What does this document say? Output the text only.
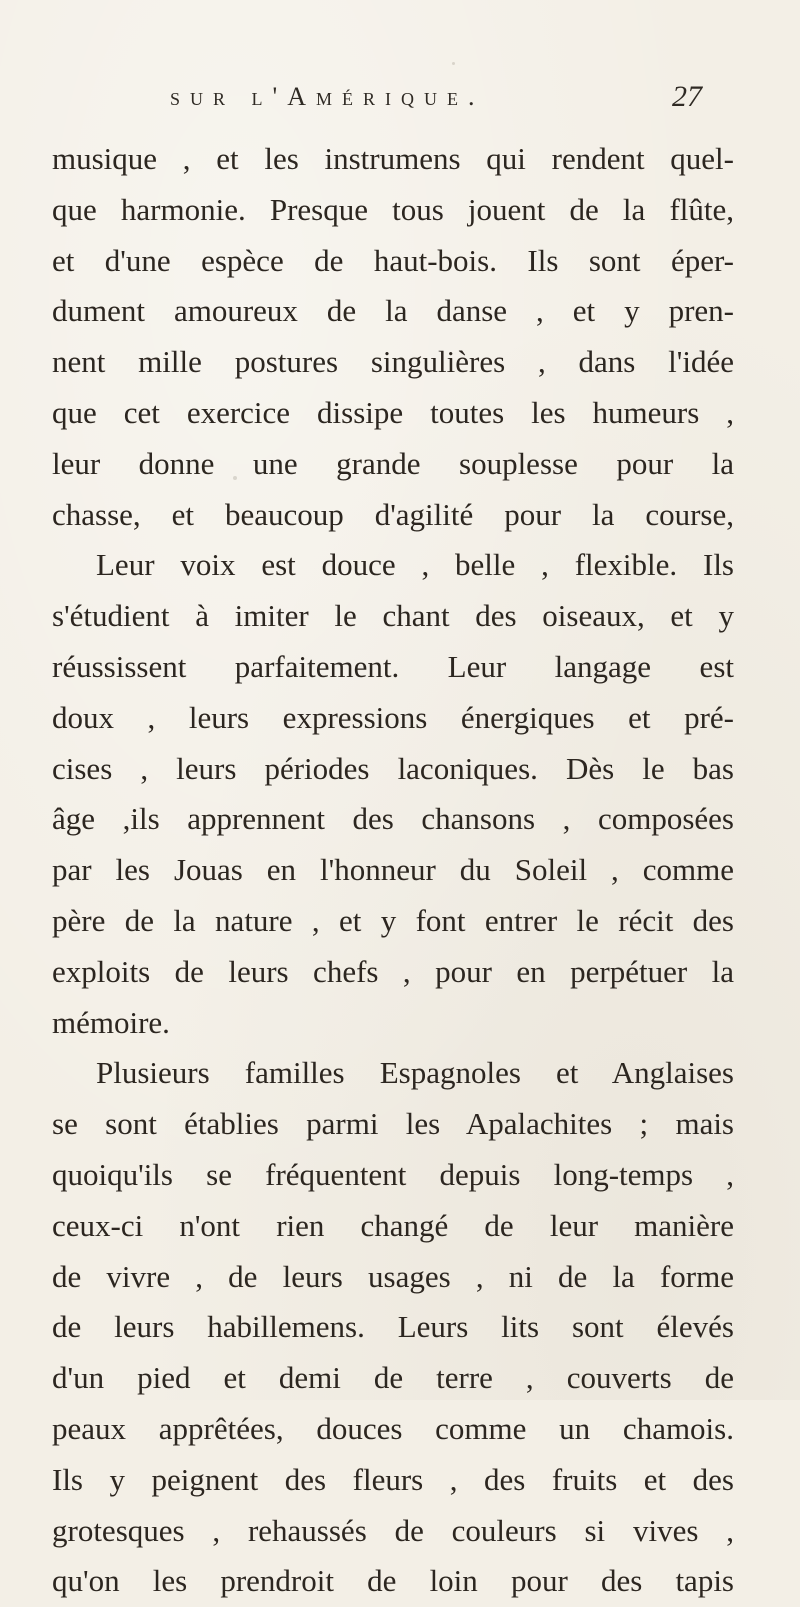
sur l'Amérique.	27
musique , et les instrumens qui rendent quel-
que harmonie. Presque tous jouent de la flûte,
et d'une espèce de haut-bois. Ils sont éper-
dument amoureux de la danse , et y pren-
nent mille postures singulières , dans l'idée
que cet exercice dissipe toutes les humeurs ,
leur donne une grande souplesse pour la
chasse, et beaucoup d'agilité pour la course,
Leur voix est douce , belle , flexible. Ils
s'étudient à imiter le chant des oiseaux, et y
réussissent parfaitement. Leur langage est
doux , leurs expressions énergiques et pré-
cises , leurs périodes laconiques. Dès le bas
âge ,ils apprennent des chansons , composées
par les Jouas en l'honneur du Soleil , comme
père de la nature , et y font entrer le récit des
exploits de leurs chefs , pour en perpétuer la
mémoire.
Plusieurs familles Espagnoles et Anglaises
se sont établies parmi les Apalachites ; mais
quoiqu'ils se fréquentent depuis long-temps ,
ceux-ci n'ont rien changé de leur manière
de vivre , de leurs usages , ni de la forme
de leurs habillemens. Leurs lits sont élevés
d'un pied et demi de terre , couverts de
peaux apprêtées, douces comme un chamois.
Ils y peignent des fleurs , des fruits et des
grotesques , rehaussés de couleurs si vives ,
qu'on les prendroit de loin pour des tapis
